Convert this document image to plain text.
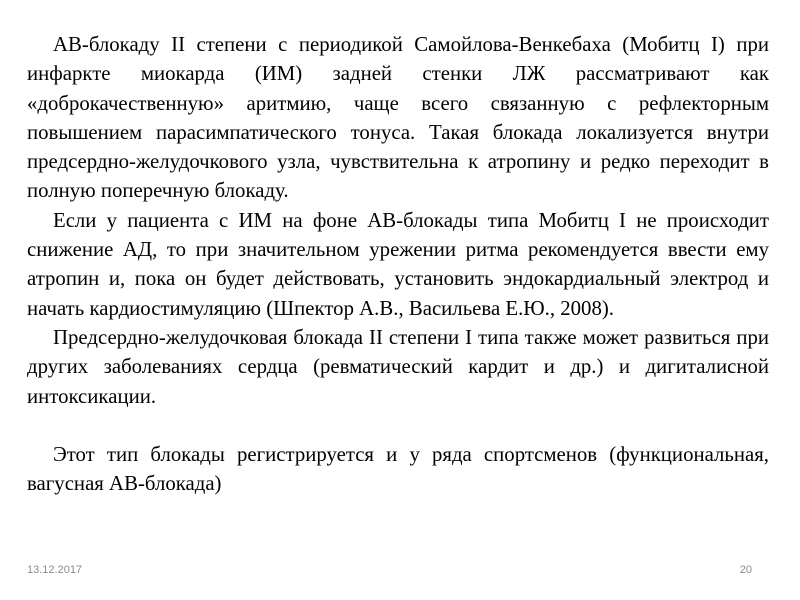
АВ-блокаду II степени с периодикой Самойлова-Венкебаха (Мобитц I) при инфаркте миокарда (ИМ) задней стенки ЛЖ рассматривают как «доброкачественную» аритмию, чаще всего связанную с рефлекторным повышением парасимпатического тонуса. Такая блокада локализуется внутри предсердно-желудочкового узла, чувствительна к атропину и редко переходит в полную поперечную блокаду.

Если у пациента с ИМ на фоне АВ-блокады типа Мобитц I не происходит снижение АД, то при значительном урежении ритма рекомендуется ввести ему атропин и, пока он будет действовать, установить эндокардиальный электрод и начать кардиостимуляцию (Шпектор А.В., Васильева Е.Ю., 2008).

Предсердно-желудочковая блокада II степени I типа также может развиться при других заболеваниях сердца (ревматический кардит и др.) и дигиталисной интоксикации.

Этот тип блокады регистрируется и у ряда спортсменов (функциональная, вагусная АВ-блокада)

13.12.2017	20
